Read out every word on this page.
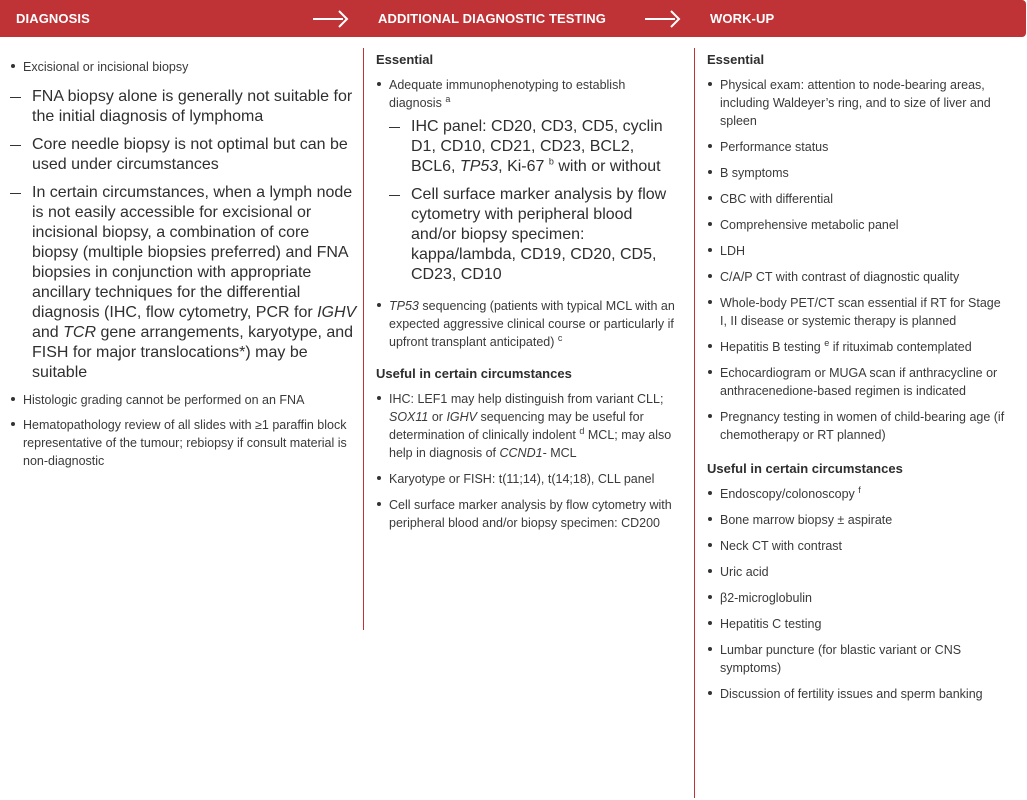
DIAGNOSIS	ADDITIONAL DIAGNOSTIC TESTING	WORK-UP
Excisional or incisional biopsy
FNA biopsy alone is generally not suitable for the initial diagnosis of lymphoma
Core needle biopsy is not optimal but can be used under circumstances
In certain circumstances, when a lymph node is not easily accessible for excisional or incisional biopsy, a combination of core biopsy (multiple biopsies preferred) and FNA biopsies in conjunction with appropriate ancillary techniques for the differential diagnosis (IHC, flow cytometry, PCR for IGHV and TCR gene arrangements, karyotype, and FISH for major translocations*) may be suitable
Histologic grading cannot be performed on an FNA
Hematopathology review of all slides with ≥1 paraffin block representative of the tumour; rebiopsy if consult material is non-diagnostic
Essential
Adequate immunophenotyping to establish diagnosis $^a$
IHC panel: CD20, CD3, CD5, cyclin D1, CD10, CD21, CD23, BCL2, BCL6, TP53, Ki-67 $^b$ with or without
Cell surface marker analysis by flow cytometry with peripheral blood and/or biopsy specimen: kappa/lambda, CD19, CD20, CD5, CD23, CD10
TP53 sequencing (patients with typical MCL with an expected aggressive clinical course or particularly if upfront transplant anticipated) $^c$
Useful in certain circumstances
IHC: LEF1 may help distinguish from variant CLL; SOX11 or IGHV sequencing may be useful for determination of clinically indolent $^d$ MCL; may also help in diagnosis of CCND1- MCL
Karyotype or FISH: t(11;14), t(14;18), CLL panel
Cell surface marker analysis by flow cytometry with peripheral blood and/or biopsy specimen: CD200
Essential
Physical exam: attention to node-bearing areas, including Waldeyer’s ring, and to size of liver and spleen
Performance status
B symptoms
CBC with differential
Comprehensive metabolic panel
LDH
C/A/P CT with contrast of diagnostic quality
Whole-body PET/CT scan essential if RT for Stage I, II disease or systemic therapy is planned
Hepatitis B testing $^e$ if rituximab contemplated
Echocardiogram or MUGA scan if anthracycline or anthracenedione-based regimen is indicated
Pregnancy testing in women of child-bearing age (if chemotherapy or RT planned)
Useful in certain circumstances
Endoscopy/colonoscopy $^f$
Bone marrow biopsy ± aspirate
Neck CT with contrast
Uric acid
β2-microglobulin
Hepatitis C testing
Lumbar puncture (for blastic variant or CNS symptoms)
Discussion of fertility issues and sperm banking
